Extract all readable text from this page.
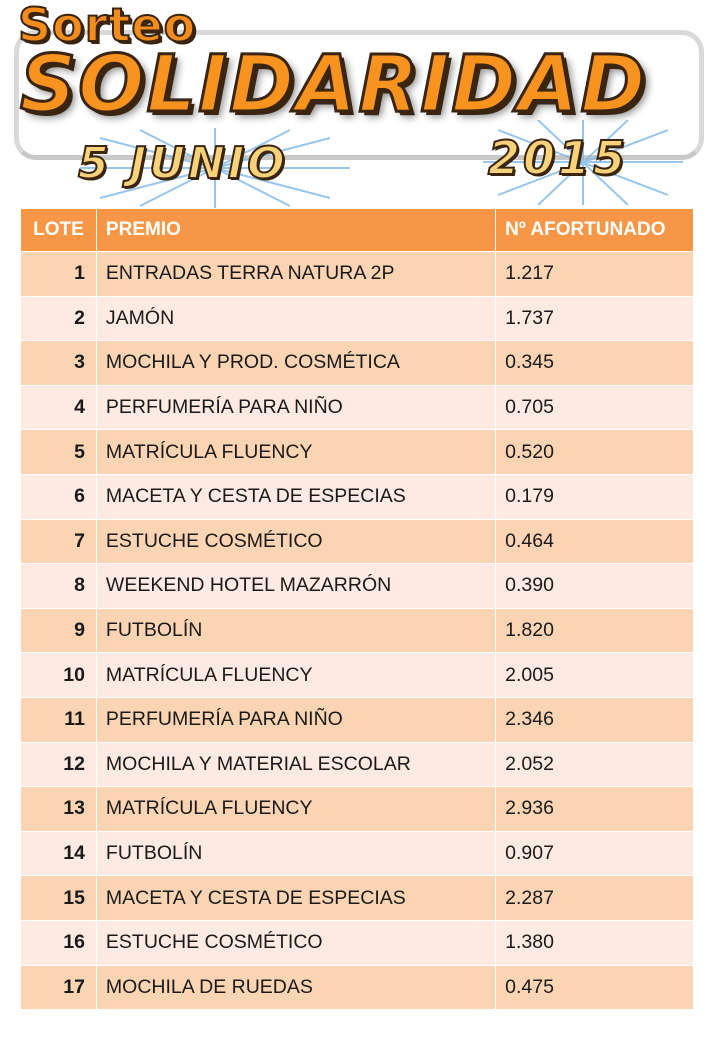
Sorteo
SOLIDARIDAD
5 JUNIO	2015
LOTE	PREMIO	Nº AFORTUNADO
1	ENTRADAS TERRA NATURA 2P	1.217
2	JAMÓN	1.737
3	MOCHILA Y PROD. COSMÉTICA	0.345
4	PERFUMERÍA PARA NIÑO	0.705
5	MATRÍCULA FLUENCY	0.520
6	MACETA Y CESTA DE ESPECIAS	0.179
7	ESTUCHE COSMÉTICO	0.464
8	WEEKEND HOTEL MAZARRÓN	0.390
9	FUTBOLÍN	1.820
10	MATRÍCULA FLUENCY	2.005
11	PERFUMERÍA PARA NIÑO	2.346
12	MOCHILA Y MATERIAL ESCOLAR	2.052
13	MATRÍCULA FLUENCY	2.936
14	FUTBOLÍN	0.907
15	MACETA Y CESTA DE ESPECIAS	2.287
16	ESTUCHE COSMÉTICO	1.380
17	MOCHILA DE RUEDAS	0.475
